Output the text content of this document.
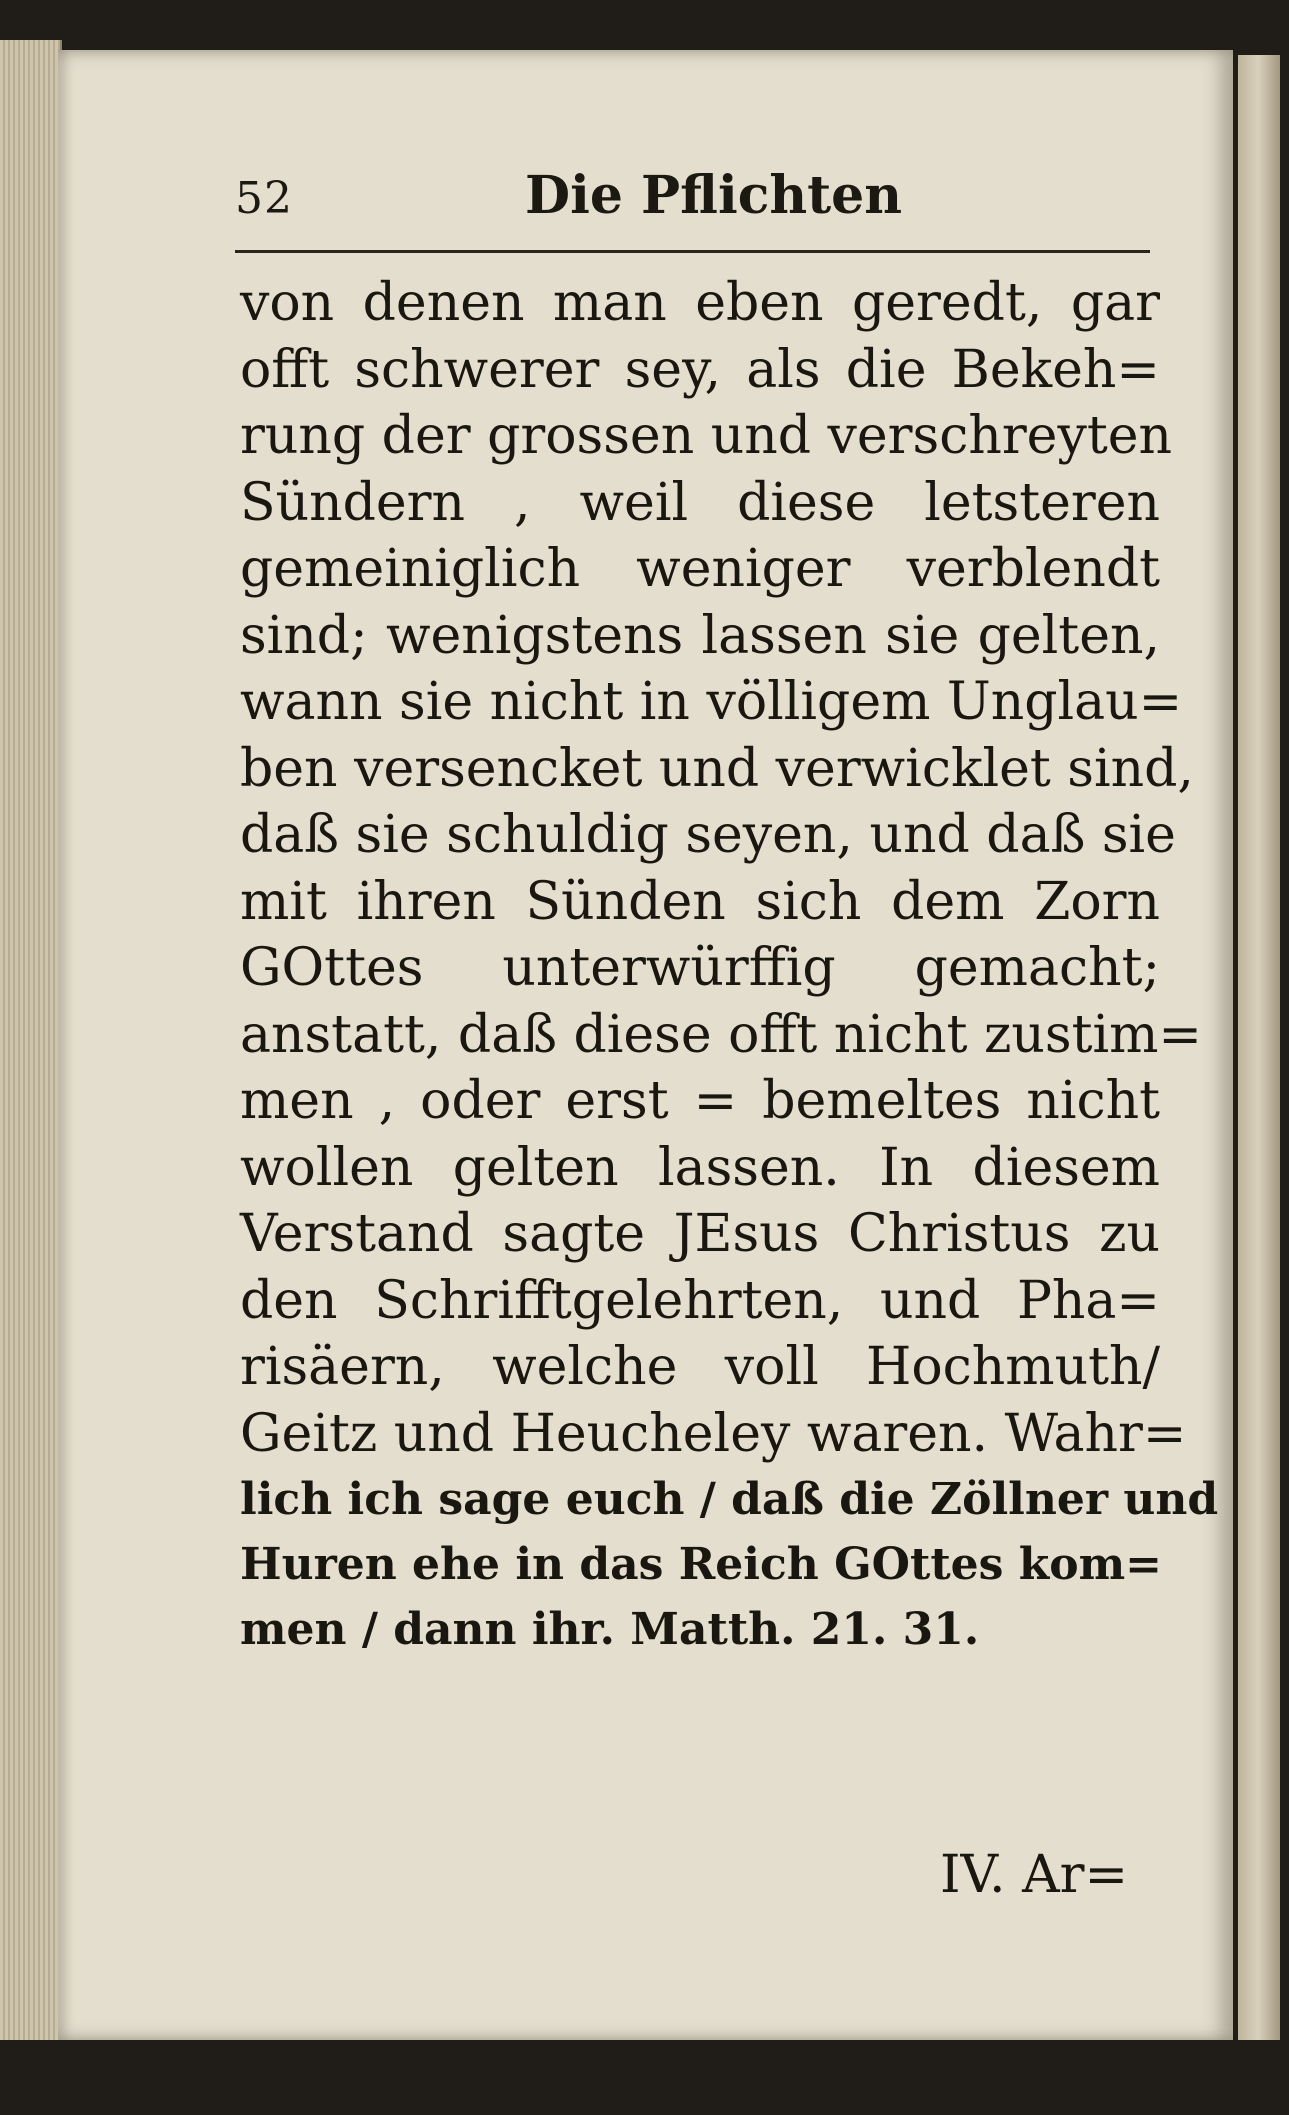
52	Die Pflichten
von denen man eben geredt, gar
offt schwerer sey, als die Bekeh=
rung der grossen und verschreyten
Sündern , weil diese letsteren
gemeiniglich weniger verblendt
sind; wenigstens lassen sie gelten,
wann sie nicht in völligem Unglau=
ben versencket und verwicklet sind,
daß sie schuldig seyen, und daß sie
mit ihren Sünden sich dem Zorn
GOttes unterwürffig gemacht;
anstatt, daß diese offt nicht zustim=
men , oder erst = bemeltes nicht
wollen gelten lassen. In diesem
Verstand sagte JEsus Christus zu
den Schrifftgelehrten, und Pha=
risäern, welche voll Hochmuth/
Geitz und Heucheley waren. Wahr=
lich ich sage euch / daß die Zöllner und
Huren ehe in das Reich GOttes kom=
men / dann ihr. Matth. 21. 31.
IV. Ar=
